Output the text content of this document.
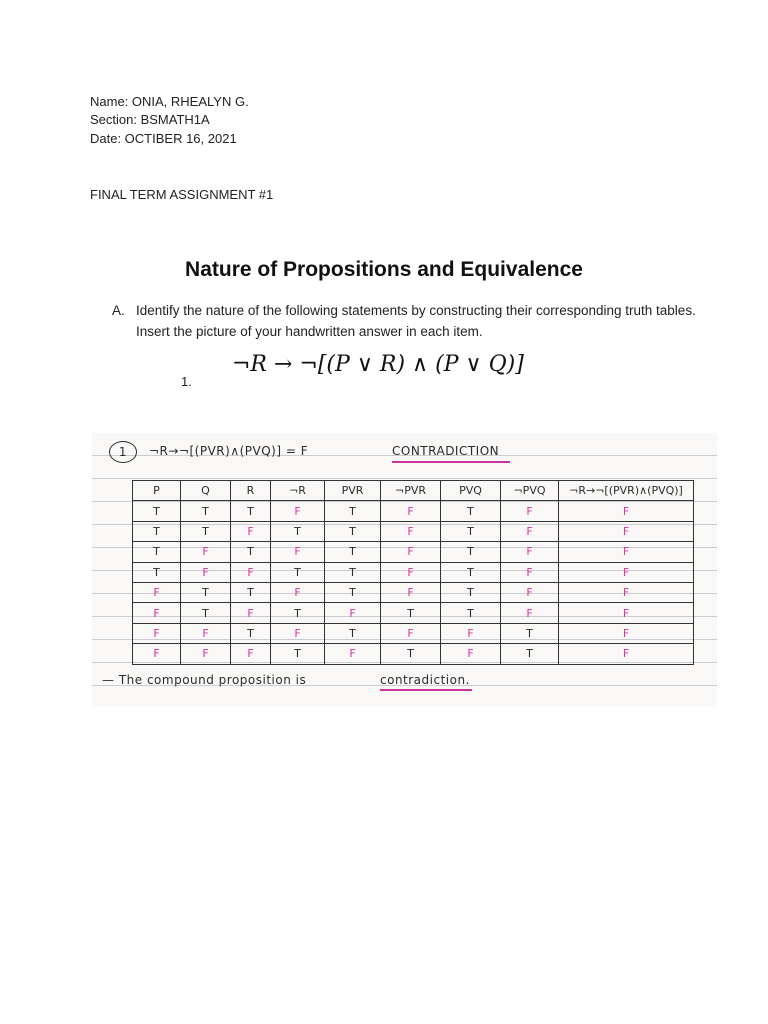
Name: ONIA, RHEALYN G.
Section: BSMATH1A
Date: OCTIBER 16, 2021
FINAL TERM ASSIGNMENT #1
Nature of Propositions and Equivalence
A. Identify the nature of the following statements by constructing their corresponding truth tables. Insert the picture of your handwritten answer in each item.
¬R → ¬[(P ∨ R) ∧ (P ∨ Q)]
1.
1	¬R→¬[(PVR)∧(PVQ)] = F	CONTRADICTION
P	Q	R	¬R	PVR	¬PVR	PVQ	¬PVQ	¬R→¬[(PVR)∧(PVQ)]
T	T	T	F	T	F	T	F	F
T	T	F	T	T	F	T	F	F
T	F	T	F	T	F	T	F	F
T	F	F	T	T	F	T	F	F
F	T	T	F	T	F	T	F	F
F	T	F	T	F	T	T	F	F
F	F	T	F	T	F	F	T	F
F	F	F	T	F	T	F	T	F
— The compound proposition is	contradiction.
